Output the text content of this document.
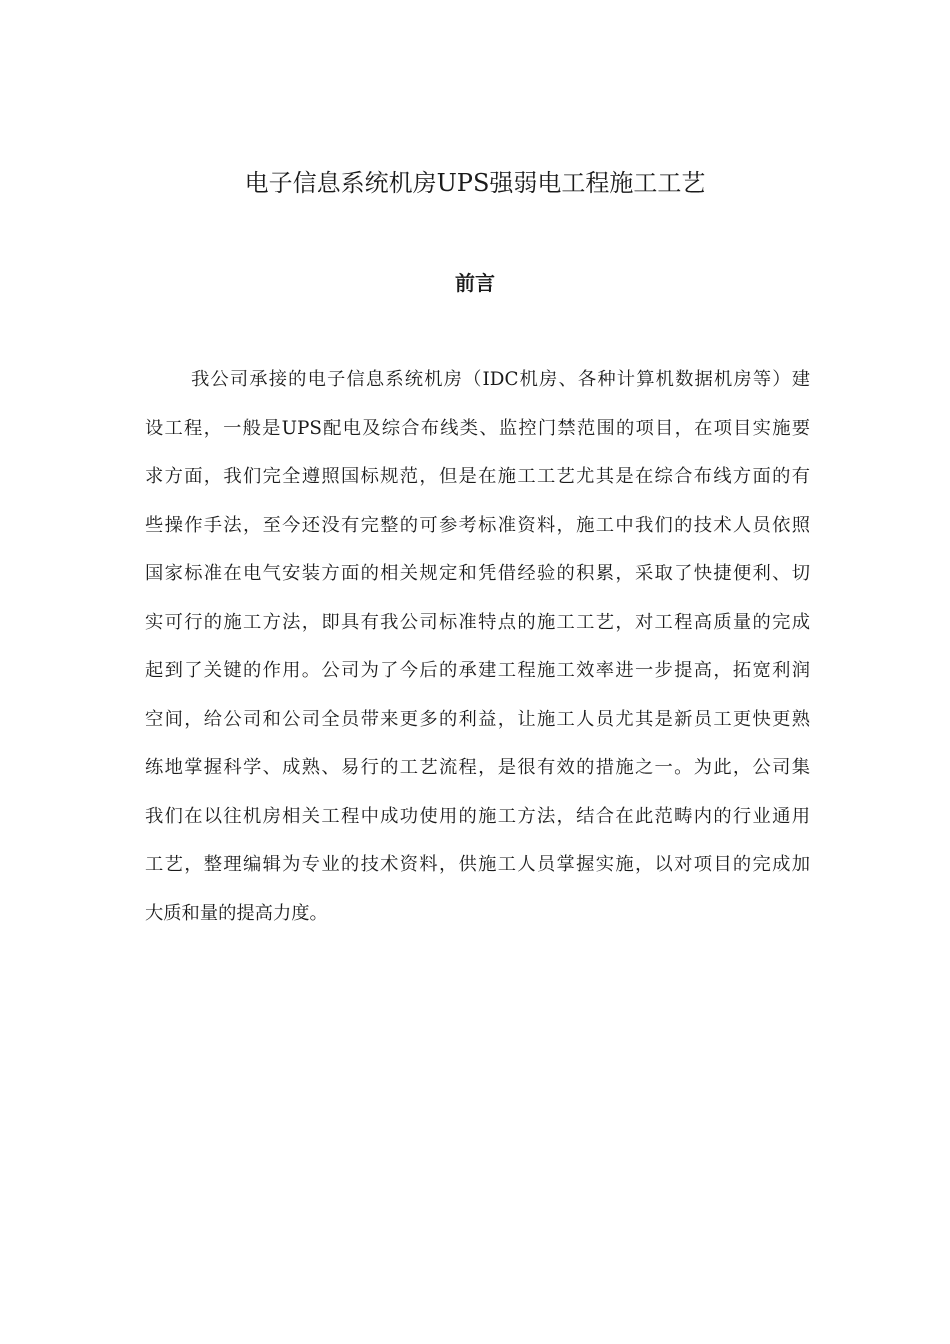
电子信息系统机房UPS强弱电工程施工工艺
前言
我公司承接的电子信息系统机房（IDC机房、各种计算机数据机房等）建
设工程，一般是UPS配电及综合布线类、监控门禁范围的项目，在项目实施要
求方面，我们完全遵照国标规范，但是在施工工艺尤其是在综合布线方面的有
些操作手法，至今还没有完整的可参考标准资料，施工中我们的技术人员依照
国家标准在电气安装方面的相关规定和凭借经验的积累，采取了快捷便利、切
实可行的施工方法，即具有我公司标准特点的施工工艺，对工程高质量的完成
起到了关键的作用。公司为了今后的承建工程施工效率进一步提高，拓宽利润
空间，给公司和公司全员带来更多的利益，让施工人员尤其是新员工更快更熟
练地掌握科学、成熟、易行的工艺流程，是很有效的措施之一。为此，公司集
我们在以往机房相关工程中成功使用的施工方法，结合在此范畴内的行业通用
工艺，整理编辑为专业的技术资料，供施工人员掌握实施，以对项目的完成加
大质和量的提高力度。
